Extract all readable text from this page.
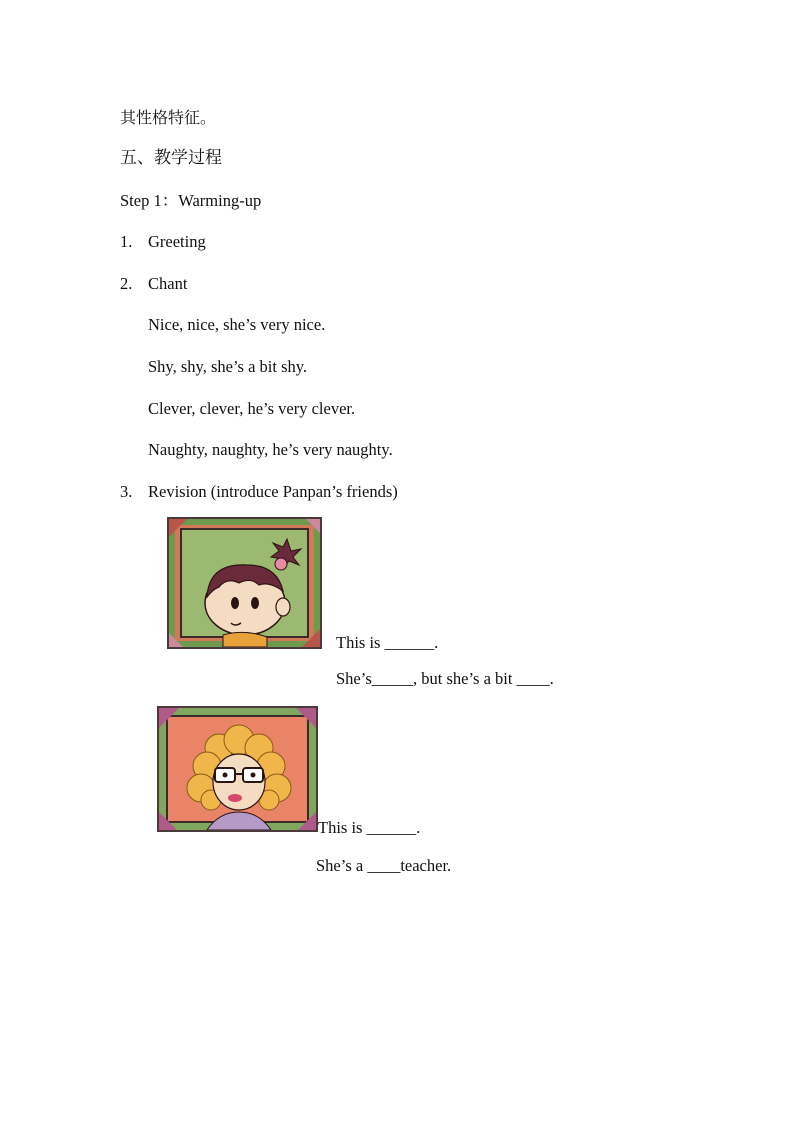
其性格特征。
五、教学过程
Step 1：Warming-up
1. Greeting
2. Chant
Nice, nice, she’s very nice.
Shy, shy, she’s a bit shy.
Clever, clever, he’s very clever.
Naughty, naughty, he’s very naughty.
3. Revision (introduce Panpan’s friends)
This is ______.
She’s_____, but she’s a bit ____.
This is ______.
She’s a ____teacher.
